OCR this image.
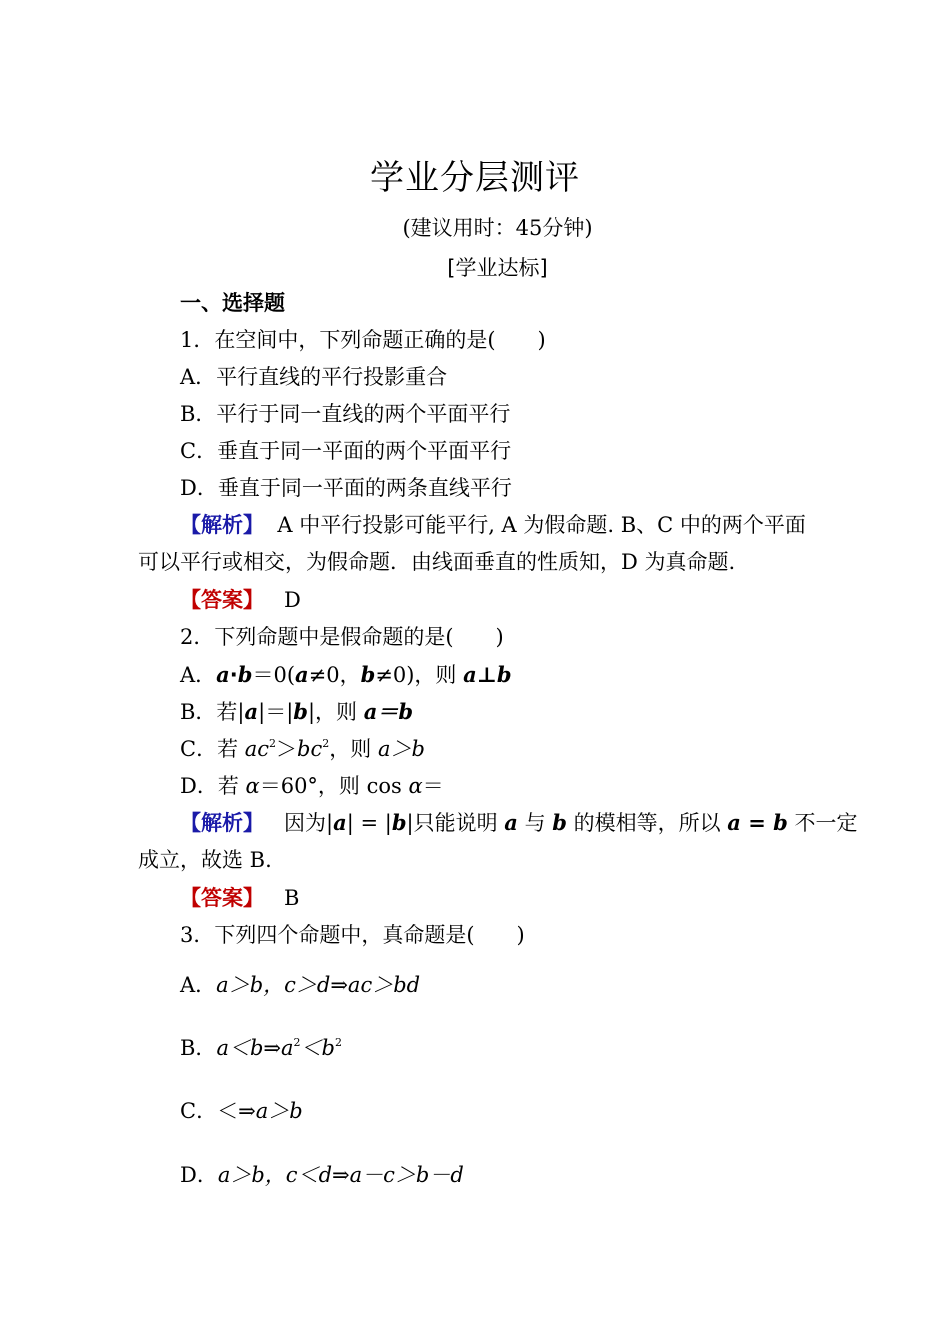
学业分层测评
(建议用时：45分钟)
[学业达标]
一、选择题
1．在空间中，下列命题正确的是(　　)
A．平行直线的平行投影重合
B．平行于同一直线的两个平面平行
C．垂直于同一平面的两个平面平行
D．垂直于同一平面的两条直线平行
【解析】 A 中平行投影可能平行, A 为假命题. B、C 中的两个平面
可以平行或相交，为假命题．由线面垂直的性质知，D 为真命题.
【答案】 D
2．下列命题中是假命题的是(　　)
A．a·b＝0(a≠0，b≠0)，则 a⊥b
B．若|a|＝|b|，则 a＝b
C．若 $ac^2>bc^2$，则 a＞b
D．若 α＝60°，则 cos α＝
【解析】 因为|a| = |b|只能说明 a 与 b 的模相等，所以 a = b 不一定
成立，故选 B.
【答案】 B
3．下列四个命题中，真命题是(　　)
A．a＞b，c＞d⇒ac＞bd
B．$a<b\Rightarrow a^2<b^2$
C．＜⇒a＞b
D．a＞b，c＜d⇒a－c＞b－d
